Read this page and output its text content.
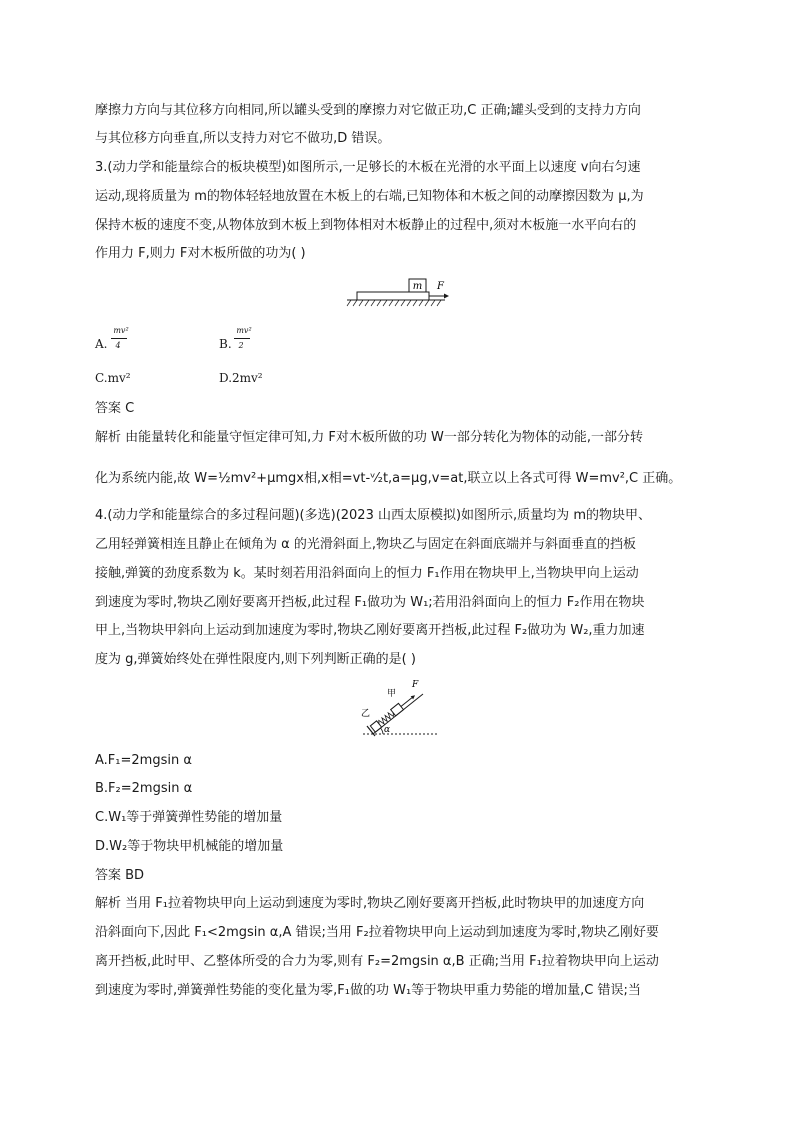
摩擦力方向与其位移方向相同,所以罐头受到的摩擦力对它做正功,C 正确;罐头受到的支持力方向
与其位移方向垂直,所以支持力对它不做功,D 错误。
3.(动力学和能量综合的板块模型)如图所示,一足够长的木板在光滑的水平面上以速度 v向右匀速
运动,现将质量为 m的物体轻轻地放置在木板上的右端,已知物体和木板之间的动摩擦因数为 μ,为
保持木板的速度不变,从物体放到木板上到物体相对木板静止的过程中,须对木板施一水平向右的
作用力 F,则力 F对木板所做的功为( )
m F
A.
mv²
4	B.
mv²
2
C.mv²	D.2mv²
答案 C
解析 由能量转化和能量守恒定律可知,力 F对木板所做的功 W一部分转化为物体的动能,一部分转
化为系统内能,故 W=½mv²+μmgx相,x相=vt-ᵛ⁄₂t,a=μg,v=at,联立以上各式可得 W=mv²,C 正确。
4.(动力学和能量综合的多过程问题)(多选)(2023 山西太原模拟)如图所示,质量均为 m的物块甲、
乙用轻弹簧相连且静止在倾角为 α 的光滑斜面上,物块乙与固定在斜面底端并与斜面垂直的挡板
接触,弹簧的劲度系数为 k。某时刻若用沿斜面向上的恒力 F₁作用在物块甲上,当物块甲向上运动
到速度为零时,物块乙刚好要离开挡板,此过程 F₁做功为 W₁;若用沿斜面向上的恒力 F₂作用在物块
甲上,当物块甲斜向上运动到加速度为零时,物块乙刚好要离开挡板,此过程 F₂做功为 W₂,重力加速
度为 g,弹簧始终处在弹性限度内,则下列判断正确的是( )
乙
甲
F
α
A.F₁=2mgsin α
B.F₂=2mgsin α
C.W₁等于弹簧弹性势能的增加量
D.W₂等于物块甲机械能的增加量
答案 BD
解析 当用 F₁拉着物块甲向上运动到速度为零时,物块乙刚好要离开挡板,此时物块甲的加速度方向
沿斜面向下,因此 F₁<2mgsin α,A 错误;当用 F₂拉着物块甲向上运动到加速度为零时,物块乙刚好要
离开挡板,此时甲、乙整体所受的合力为零,则有 F₂=2mgsin α,B 正确;当用 F₁拉着物块甲向上运动
到速度为零时,弹簧弹性势能的变化量为零,F₁做的功 W₁等于物块甲重力势能的增加量,C 错误;当
